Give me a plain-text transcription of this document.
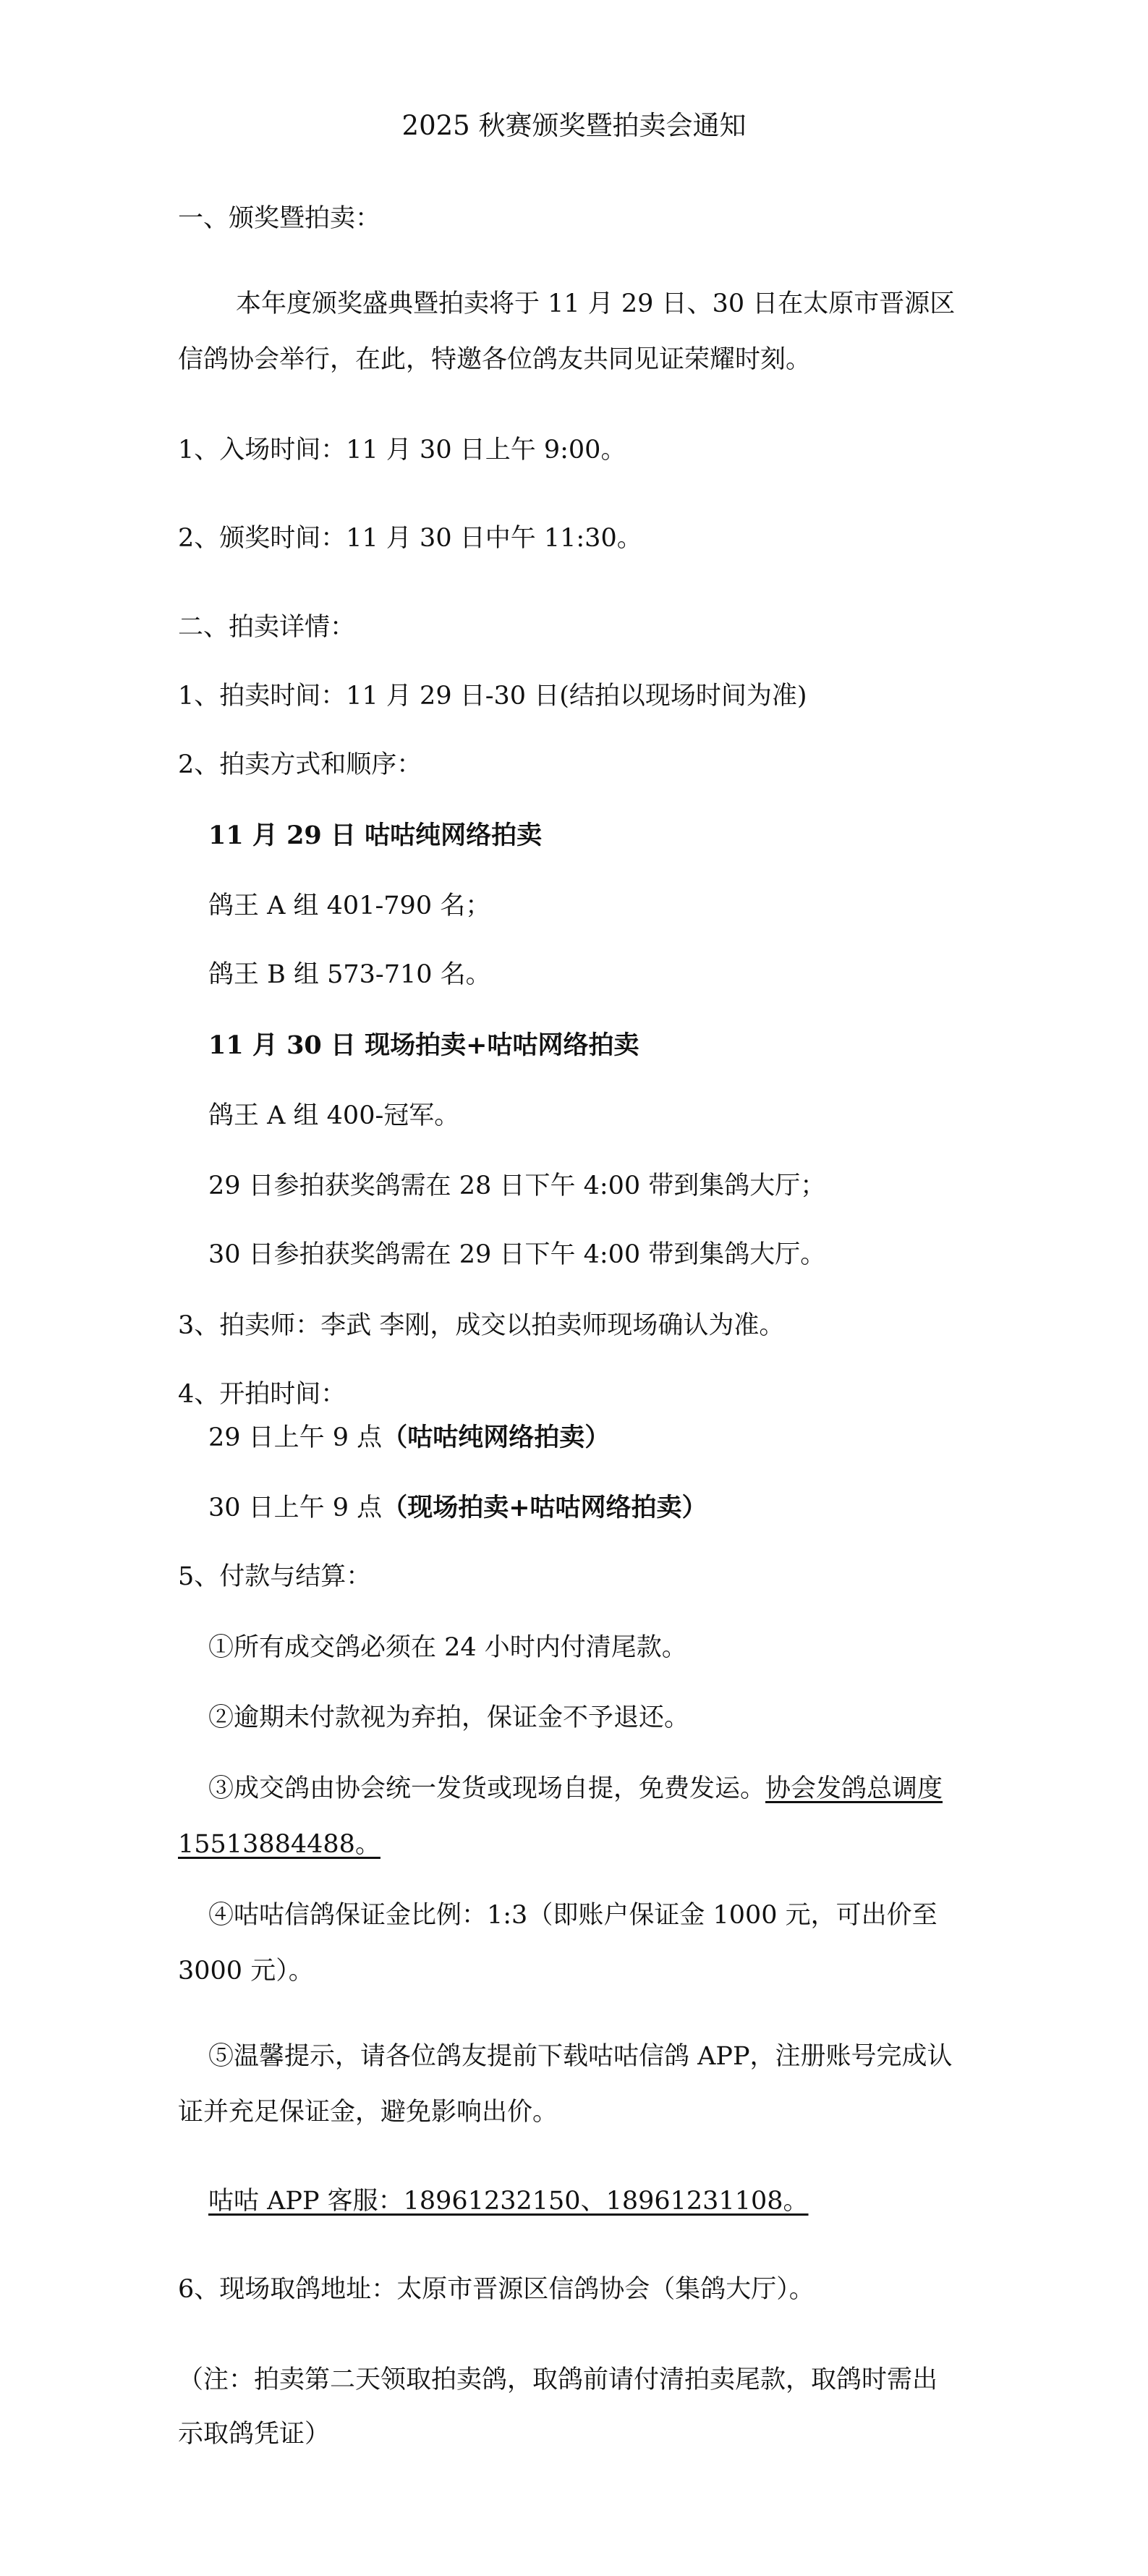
2025 秋赛颁奖暨拍卖会通知
一、颁奖暨拍卖：
本年度颁奖盛典暨拍卖将于 11 月 29 日、30 日在太原市晋源区
信鸽协会举行，在此，特邀各位鸽友共同见证荣耀时刻。
1、入场时间：11 月 30 日上午 9:00。
2、颁奖时间：11 月 30 日中午 11:30。
二、拍卖详情：
1、拍卖时间：11 月 29 日-30 日(结拍以现场时间为准)
2、拍卖方式和顺序：
11 月 29 日 咕咕纯网络拍卖
鸽王 A 组 401-790 名；
鸽王 B 组 573-710 名。
11 月 30 日 现场拍卖+咕咕网络拍卖
鸽王 A 组 400-冠军。
29 日参拍获奖鸽需在 28 日下午 4:00 带到集鸽大厅；
30 日参拍获奖鸽需在 29 日下午 4:00 带到集鸽大厅。
3、拍卖师：李武 李刚，成交以拍卖师现场确认为准。
4、开拍时间：
29 日上午 9 点（咕咕纯网络拍卖）
30 日上午 9 点（现场拍卖+咕咕网络拍卖）
5、付款与结算：
①所有成交鸽必须在 24 小时内付清尾款。
②逾期未付款视为弃拍，保证金不予退还。
③成交鸽由协会统一发货或现场自提，免费发运。协会发鸽总调度
15513884488。
④咕咕信鸽保证金比例：1:3（即账户保证金 1000 元，可出价至
3000 元）。
⑤温馨提示，请各位鸽友提前下载咕咕信鸽 APP，注册账号完成认
证并充足保证金，避免影响出价。
咕咕 APP 客服：18961232150、18961231108。
6、现场取鸽地址：太原市晋源区信鸽协会（集鸽大厅）。
（注：拍卖第二天领取拍卖鸽，取鸽前请付清拍卖尾款，取鸽时需出
示取鸽凭证）
